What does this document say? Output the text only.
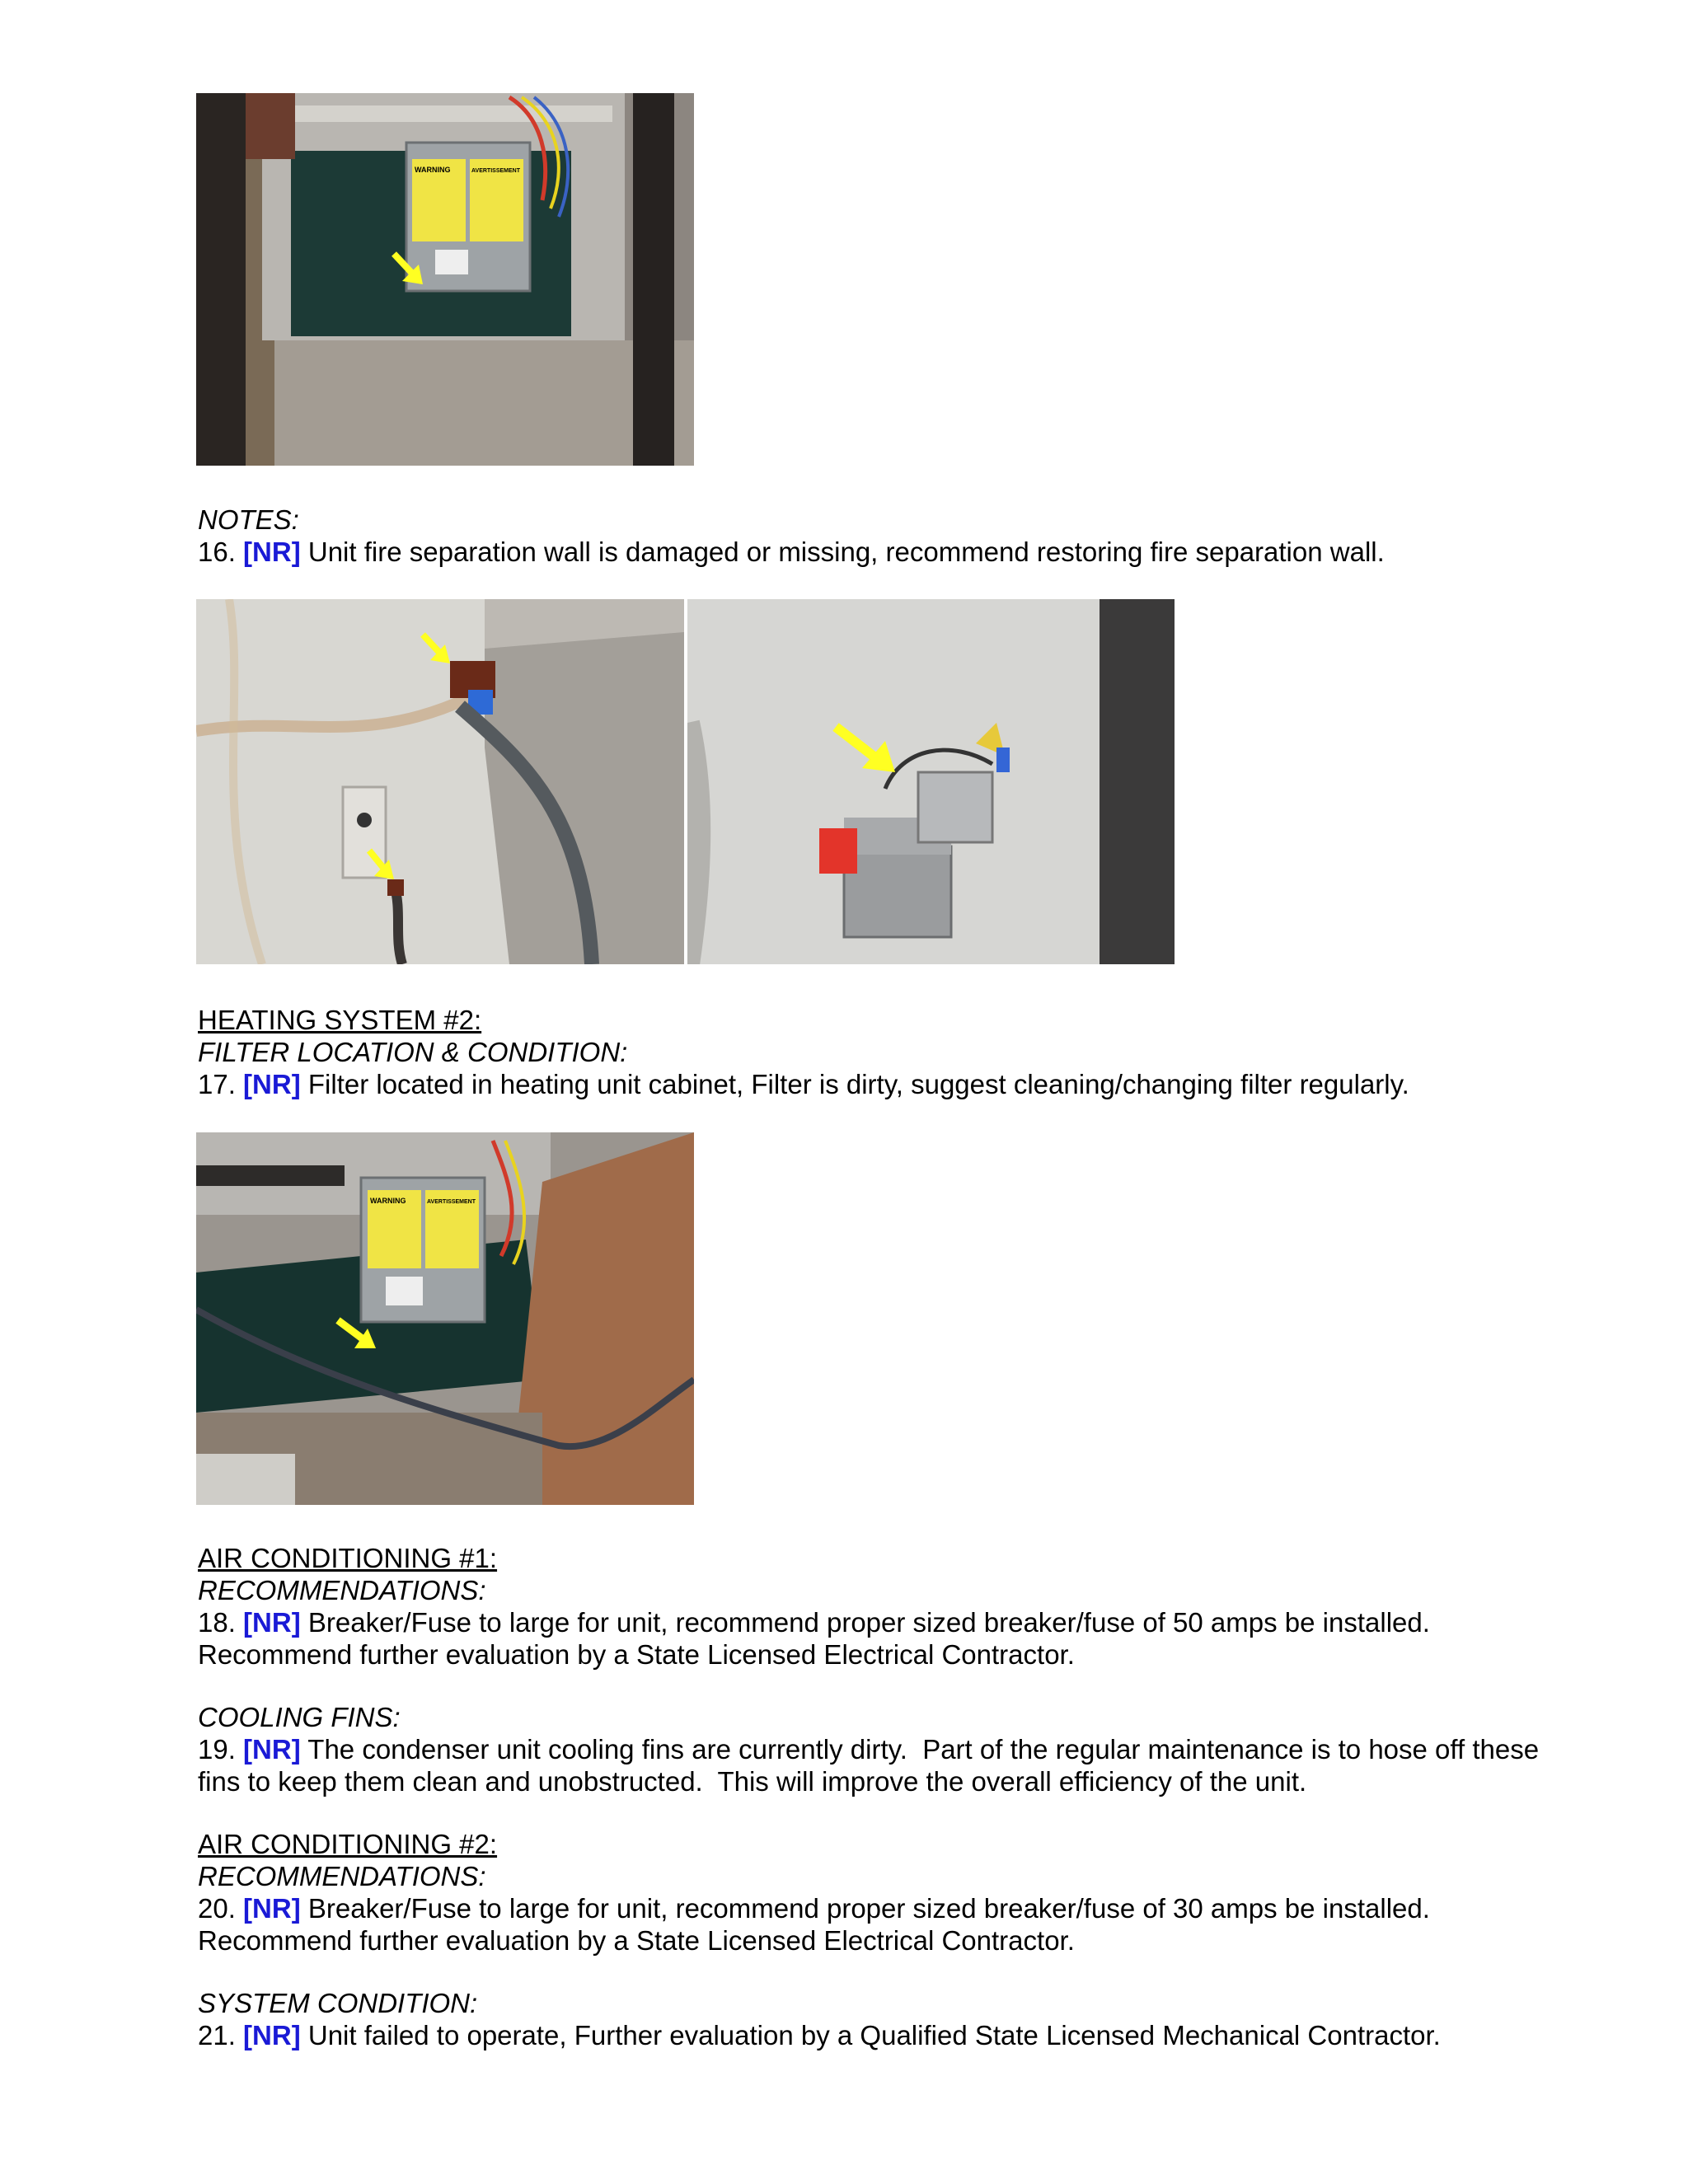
WARNING	AVERTISSEMENT
NOTES:
16. [NR] Unit fire separation wall is damaged or missing, recommend restoring fire separation wall.
HEATING SYSTEM #2:
FILTER LOCATION & CONDITION:
17. [NR] Filter located in heating unit cabinet, Filter is dirty, suggest cleaning/changing filter regularly.
WARNING	AVERTISSEMENT
AIR CONDITIONING #1:
RECOMMENDATIONS:
18. [NR] Breaker/Fuse to large for unit, recommend proper sized breaker/fuse of 50 amps be installed.
Recommend further evaluation by a State Licensed Electrical Contractor.
COOLING FINS:
19. [NR] The condenser unit cooling fins are currently dirty.  Part of the regular maintenance is to hose off these
fins to keep them clean and unobstructed.  This will improve the overall efficiency of the unit.
AIR CONDITIONING #2:
RECOMMENDATIONS:
20. [NR] Breaker/Fuse to large for unit, recommend proper sized breaker/fuse of 30 amps be installed.
Recommend further evaluation by a State Licensed Electrical Contractor.
SYSTEM CONDITION:
21. [NR] Unit failed to operate, Further evaluation by a Qualified State Licensed Mechanical Contractor.
